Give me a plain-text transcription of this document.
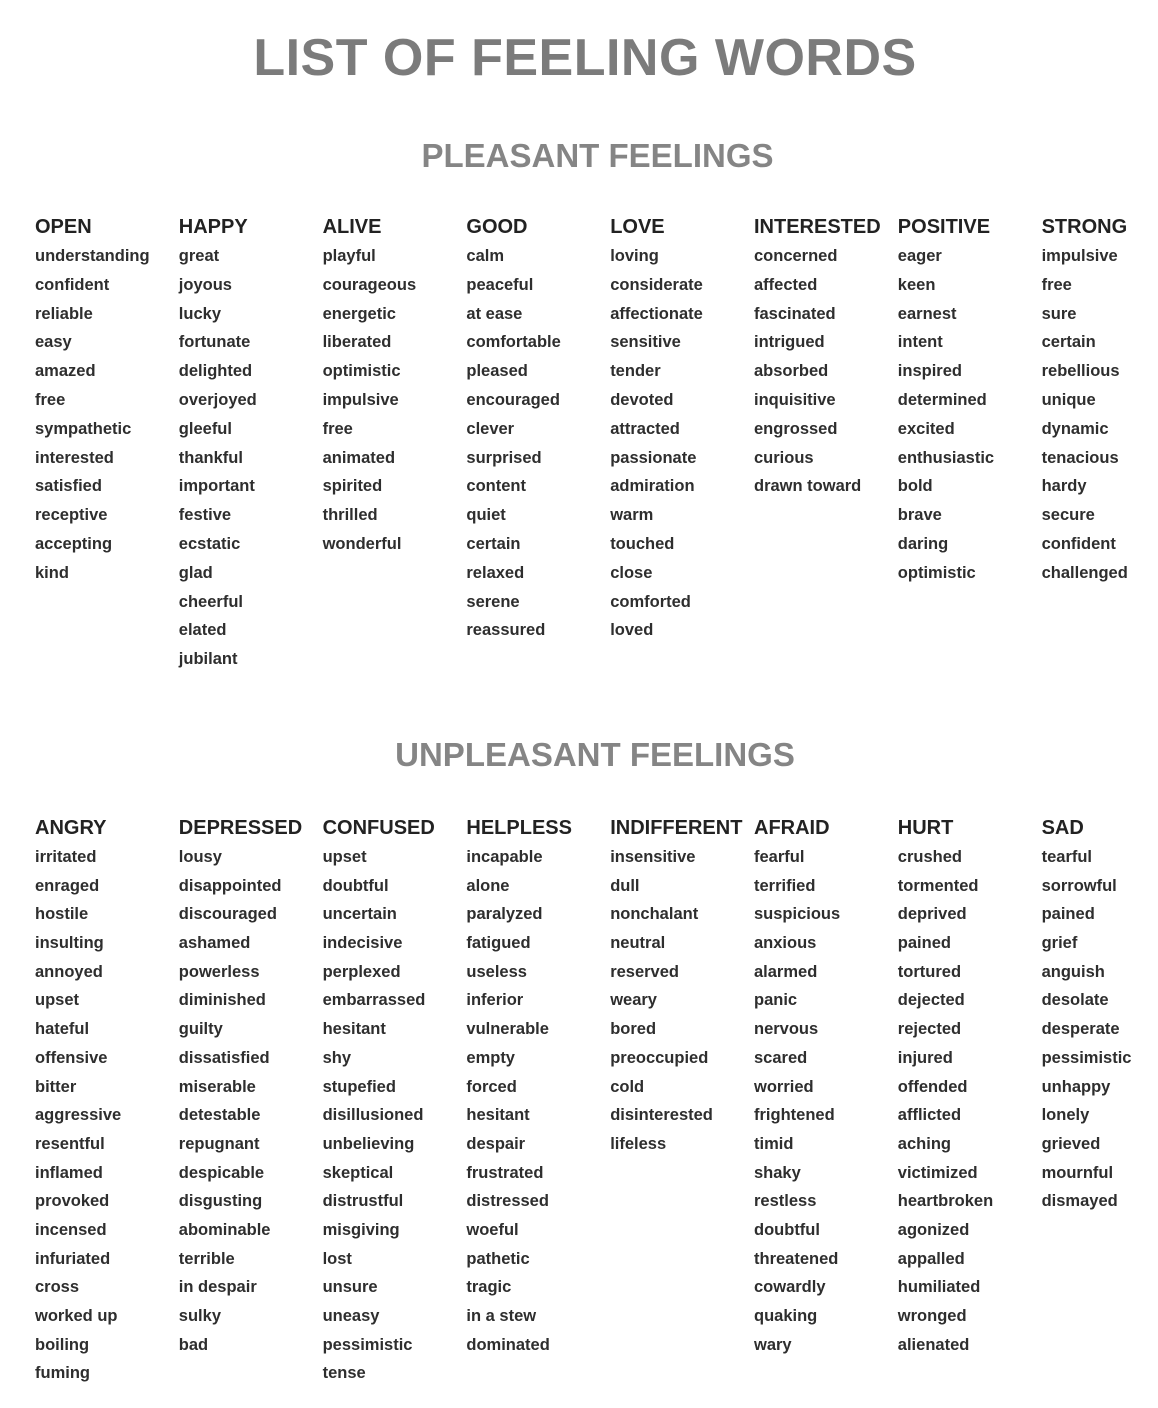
LIST OF FEELING WORDS
PLEASANT FEELINGS
OPEN
understanding
confident
reliable
easy
amazed
free
sympathetic
interested
satisfied
receptive
accepting
kind
HAPPY
great
joyous
lucky
fortunate
delighted
overjoyed
gleeful
thankful
important
festive
ecstatic
glad
cheerful
elated
jubilant
ALIVE
playful
courageous
energetic
liberated
optimistic
impulsive
free
animated
spirited
thrilled
wonderful
GOOD
calm
peaceful
at ease
comfortable
pleased
encouraged
clever
surprised
content
quiet
certain
relaxed
serene
reassured
LOVE
loving
considerate
affectionate
sensitive
tender
devoted
attracted
passionate
admiration
warm
touched
close
comforted
loved
INTERESTED
concerned
affected
fascinated
intrigued
absorbed
inquisitive
engrossed
curious
drawn toward
POSITIVE
eager
keen
earnest
intent
inspired
determined
excited
enthusiastic
bold
brave
daring
optimistic
STRONG
impulsive
free
sure
certain
rebellious
unique
dynamic
tenacious
hardy
secure
confident
challenged
UNPLEASANT FEELINGS
ANGRY
irritated
enraged
hostile
insulting
annoyed
upset
hateful
offensive
bitter
aggressive
resentful
inflamed
provoked
incensed
infuriated
cross
worked up
boiling
fuming
DEPRESSED
lousy
disappointed
discouraged
ashamed
powerless
diminished
guilty
dissatisfied
miserable
detestable
repugnant
despicable
disgusting
abominable
terrible
in despair
sulky
bad
CONFUSED
upset
doubtful
uncertain
indecisive
perplexed
embarrassed
hesitant
shy
stupefied
disillusioned
unbelieving
skeptical
distrustful
misgiving
lost
unsure
uneasy
pessimistic
tense
HELPLESS
incapable
alone
paralyzed
fatigued
useless
inferior
vulnerable
empty
forced
hesitant
despair
frustrated
distressed
woeful
pathetic
tragic
in a stew
dominated
INDIFFERENT
insensitive
dull
nonchalant
neutral
reserved
weary
bored
preoccupied
cold
disinterested
lifeless
AFRAID
fearful
terrified
suspicious
anxious
alarmed
panic
nervous
scared
worried
frightened
timid
shaky
restless
doubtful
threatened
cowardly
quaking
wary
HURT
crushed
tormented
deprived
pained
tortured
dejected
rejected
injured
offended
afflicted
aching
victimized
heartbroken
agonized
appalled
humiliated
wronged
alienated
SAD
tearful
sorrowful
pained
grief
anguish
desolate
desperate
pessimistic
unhappy
lonely
grieved
mournful
dismayed
